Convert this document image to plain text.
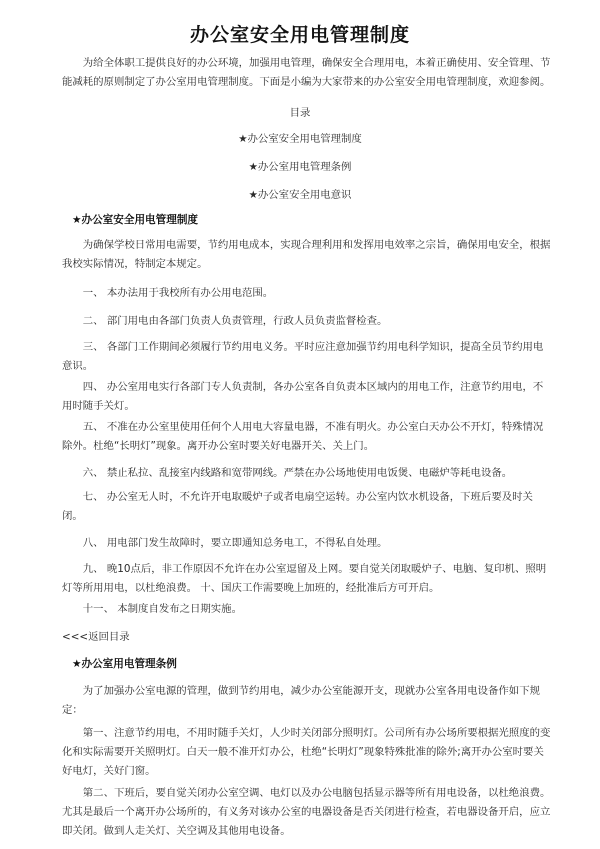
办公室安全用电管理制度

为给全体职工提供良好的办公环境，加强用电管理，确保安全合理用电，本着正确使用、安全管理、节能减耗的原则制定了办公室用电管理制度。下面是小编为大家带来的办公室安全用电管理制度，欢迎参阅。

目录
★办公室安全用电管理制度
★办公室用电管理条例
★办公室安全用电意识
★办公室安全用电管理制度

为确保学校日常用电需要，节约用电成本，实现合理利用和发挥用电效率之宗旨，确保用电安全，根据我校实际情况，特制定本规定。

一、 本办法用于我校所有办公用电范围。

二、 部门用电由各部门负责人负责管理，行政人员负责监督检查。

三、 各部门工作期间必须履行节约用电义务。平时应注意加强节约用电科学知识，提高全员节约用电意识。

四、 办公室用电实行各部门专人负责制，各办公室各自负责本区域内的用电工作，注意节约用电，不用时随手关灯。

五、 不准在办公室里使用任何个人用电大容量电器，不准有明火。办公室白天办公不开灯，特殊情况除外。杜绝“长明灯”现象。离开办公室时要关好电器开关、关上门。

六、 禁止私拉、乱接室内线路和宽带网线。严禁在办公场地使用电饭煲、电磁炉等耗电设备。

七、 办公室无人时，不允许开电取暖炉子或者电扇空运转。办公室内饮水机设备，下班后要及时关闭。

八、 用电部门发生故障时，要立即通知总务电工，不得私自处理。

九、 晚10点后，非工作原因不允许在办公室逗留及上网。要自觉关闭取暖炉子、电脑、复印机、照明灯等所用用电，以杜绝浪费。 十、国庆工作需要晚上加班的，经批准后方可开启。

十一、 本制度自发布之日期实施。

<<<返回目录
★办公室用电管理条例

为了加强办公室电源的管理，做到节约用电，减少办公室能源开支，现就办公室各用电设备作如下规定：

第一、注意节约用电，不用时随手关灯，人少时关闭部分照明灯。公司所有办公场所要根据光照度的变化和实际需要开关照明灯。白天一般不准开灯办公，杜绝“长明灯”现象特殊批准的除外;离开办公室时要关好电灯，关好门窗。

第二、下班后，要自觉关闭办公室空调、电灯以及办公电脑包括显示器等所有用电设备，以杜绝浪费。尤其是最后一个离开办公场所的，有义务对该办公室的电器设备是否关闭进行检查，若电器设备开启，应立即关闭。做到人走关灯、关空调及其他用电设备。
